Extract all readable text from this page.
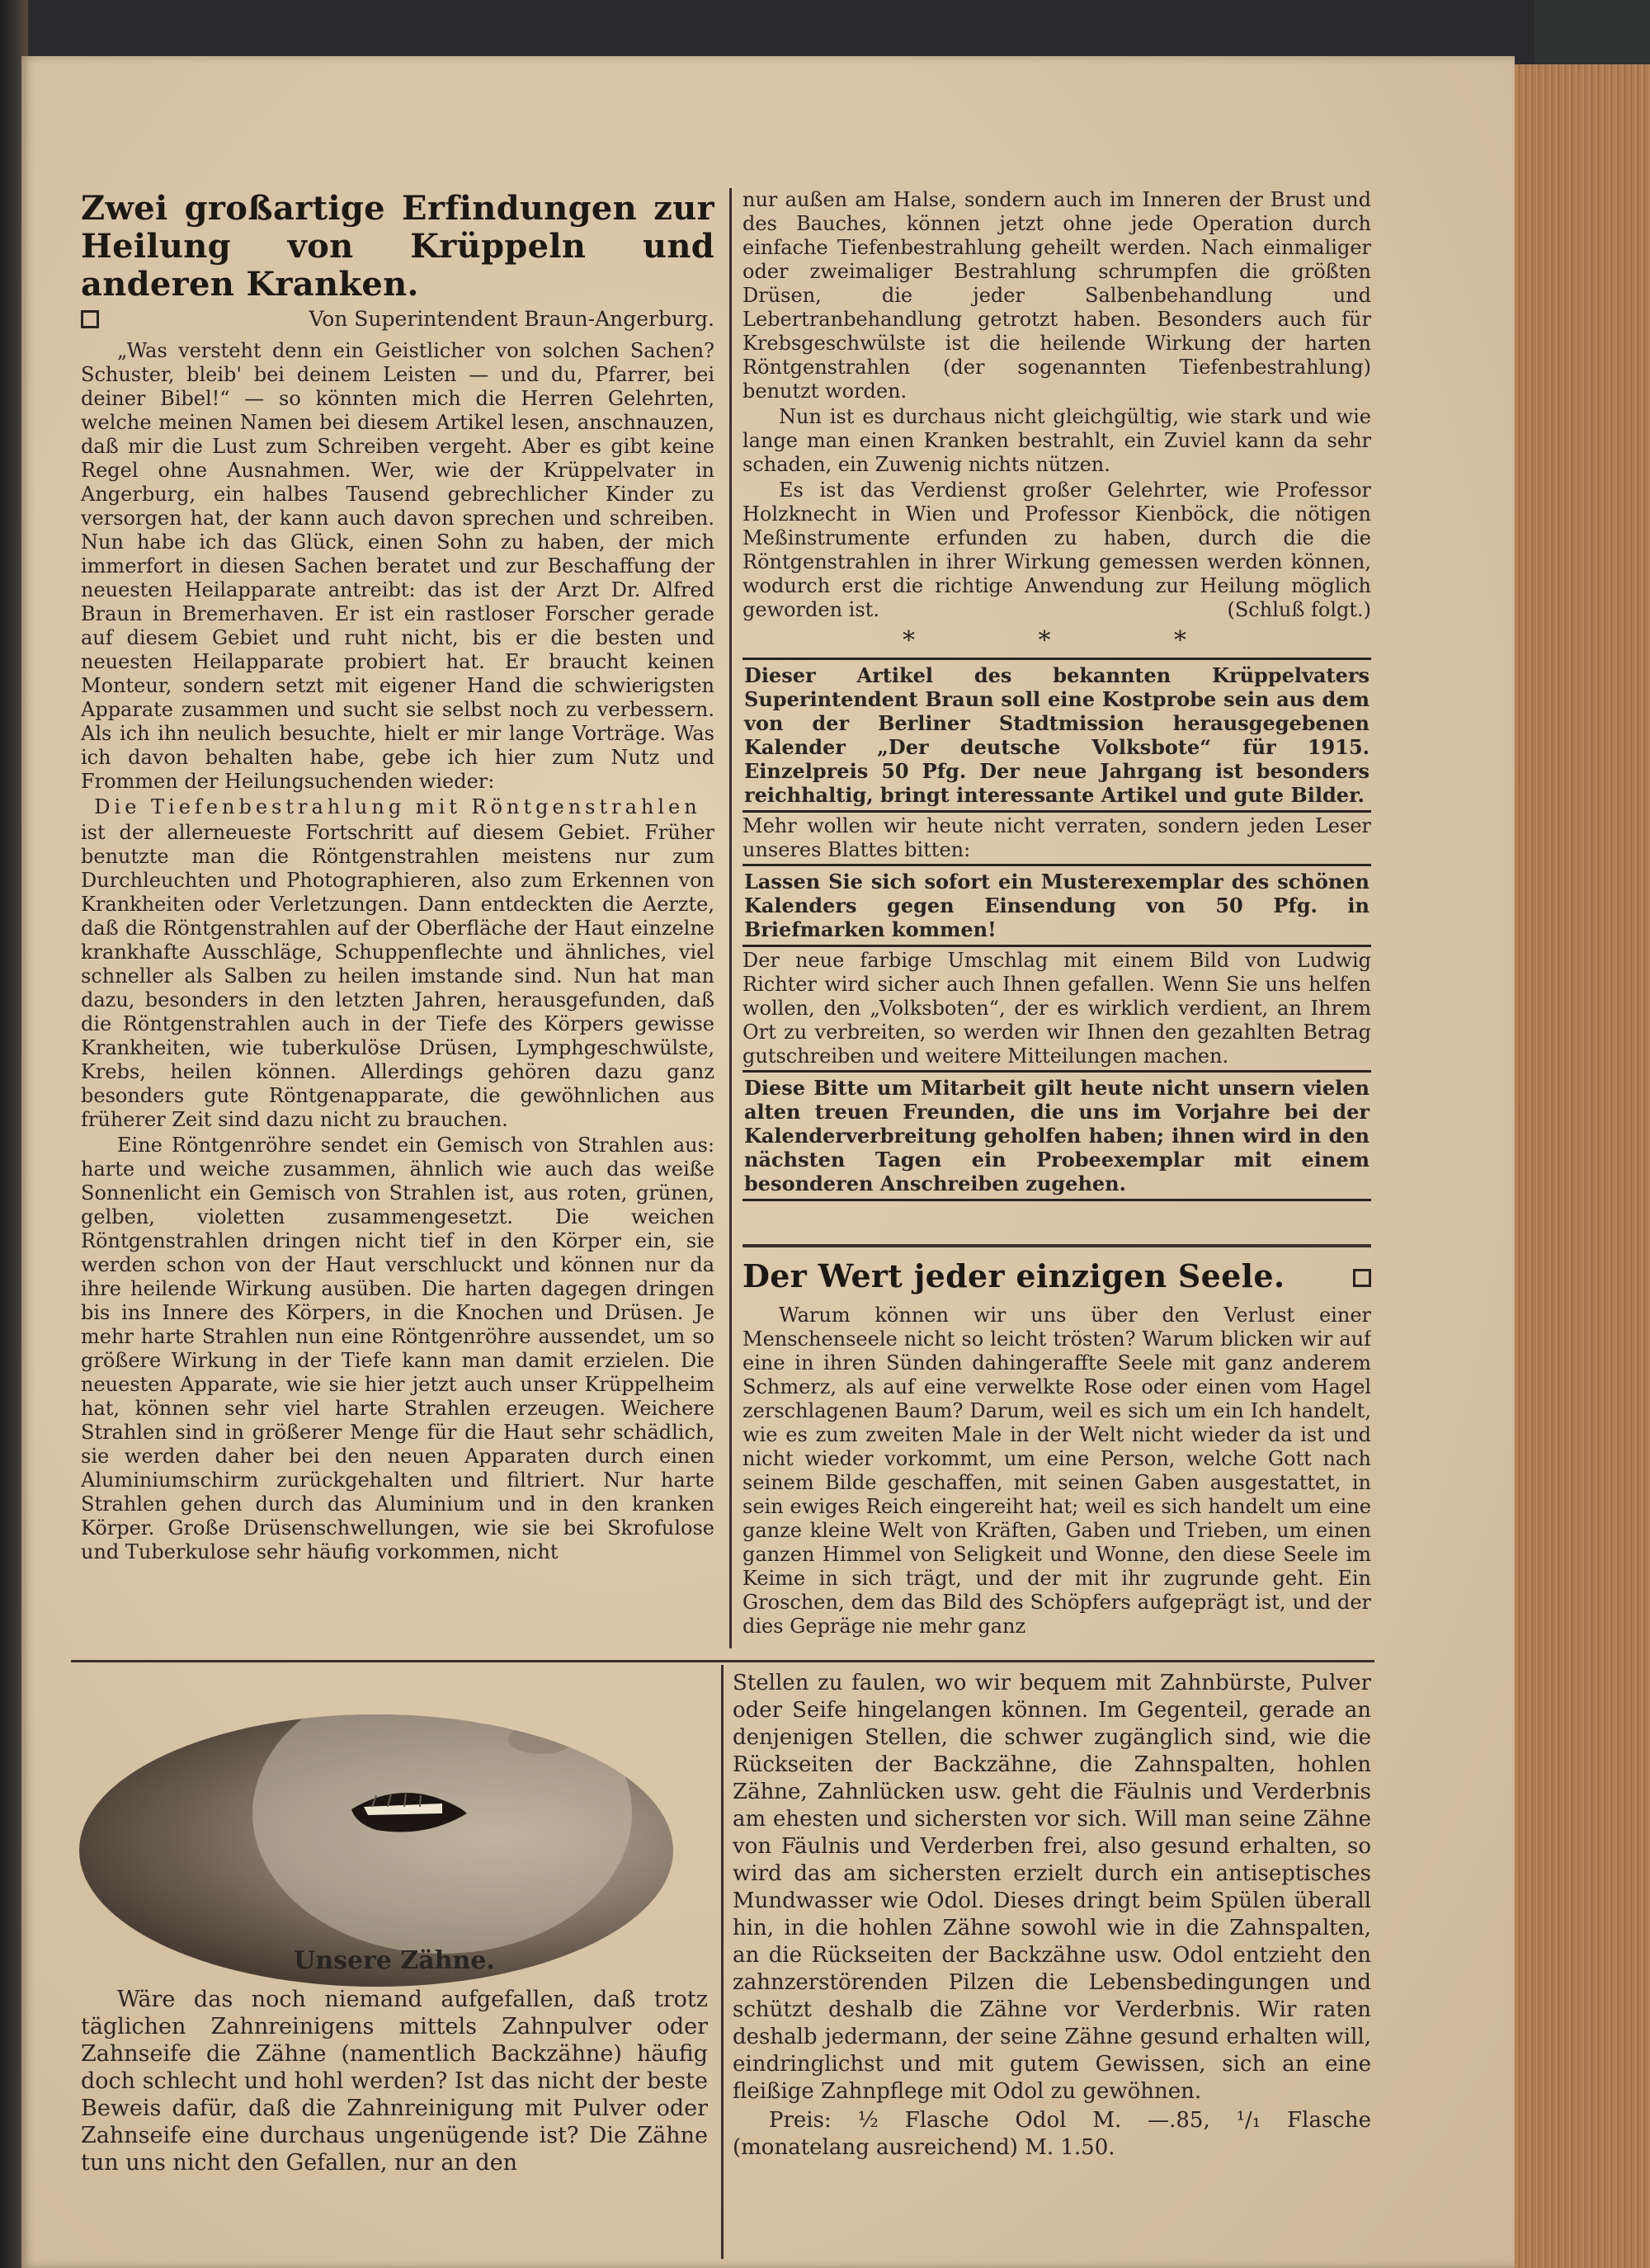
Zwei großartige Erfindungen zur Heilung von Krüppeln und anderen Kranken.
Von Superintendent Braun-Angerburg.

„Was versteht denn ein Geistlicher von solchen Sachen? Schuster, bleib' bei deinem Leisten — und du, Pfarrer, bei deiner Bibel!“ — so könnten mich die Herren Gelehrten, welche meinen Namen bei diesem Artikel lesen, anschnauzen, daß mir die Lust zum Schreiben vergeht. Aber es gibt keine Regel ohne Ausnahmen. Wer, wie der Krüppelvater in Angerburg, ein halbes Tausend gebrechlicher Kinder zu versorgen hat, der kann auch davon sprechen und schreiben. Nun habe ich das Glück, einen Sohn zu haben, der mich immerfort in diesen Sachen beratet und zur Beschaffung der neuesten Heilapparate antreibt: das ist der Arzt Dr. Alfred Braun in Bremerhaven. Er ist ein rastloser Forscher gerade auf diesem Gebiet und ruht nicht, bis er die besten und neuesten Heilapparate probiert hat. Er braucht keinen Monteur, sondern setzt mit eigener Hand die schwierigsten Apparate zusammen und sucht sie selbst noch zu verbessern. Als ich ihn neulich besuchte, hielt er mir lange Vorträge. Was ich davon behalten habe, gebe ich hier zum Nutz und Frommen der Heilungsuchenden wieder:

Die Tiefenbestrahlung mit Röntgenstrahlen

ist der allerneueste Fortschritt auf diesem Gebiet. Früher benutzte man die Röntgenstrahlen meistens nur zum Durchleuchten und Photographieren, also zum Erkennen von Krankheiten oder Verletzungen. Dann entdeckten die Aerzte, daß die Röntgenstrahlen auf der Oberfläche der Haut einzelne krankhafte Ausschläge, Schuppenflechte und ähnliches, viel schneller als Salben zu heilen imstande sind. Nun hat man dazu, besonders in den letzten Jahren, herausgefunden, daß die Röntgenstrahlen auch in der Tiefe des Körpers gewisse Krankheiten, wie tuberkulöse Drüsen, Lymphgeschwülste, Krebs, heilen können. Allerdings gehören dazu ganz besonders gute Röntgenapparate, die gewöhnlichen aus früherer Zeit sind dazu nicht zu brauchen.

Eine Röntgenröhre sendet ein Gemisch von Strahlen aus: harte und weiche zusammen, ähnlich wie auch das weiße Sonnenlicht ein Gemisch von Strahlen ist, aus roten, grünen, gelben, violetten zusammengesetzt. Die weichen Röntgenstrahlen dringen nicht tief in den Körper ein, sie werden schon von der Haut verschluckt und können nur da ihre heilende Wirkung ausüben. Die harten dagegen dringen bis ins Innere des Körpers, in die Knochen und Drüsen. Je mehr harte Strahlen nun eine Röntgenröhre aussendet, um so größere Wirkung in der Tiefe kann man damit erzielen. Die neuesten Apparate, wie sie hier jetzt auch unser Krüppelheim hat, können sehr viel harte Strahlen erzeugen. Weichere Strahlen sind in größerer Menge für die Haut sehr schädlich, sie werden daher bei den neuen Apparaten durch einen Aluminiumschirm zurückgehalten und filtriert. Nur harte Strahlen gehen durch das Aluminium und in den kranken Körper. Große Drüsenschwellungen, wie sie bei Skrofulose und Tuberkulose sehr häufig vorkommen, nicht

nur außen am Halse, sondern auch im Inneren der Brust und des Bauches, können jetzt ohne jede Operation durch einfache Tiefenbestrahlung geheilt werden. Nach einmaliger oder zweimaliger Bestrahlung schrumpfen die größten Drüsen, die jeder Salbenbehandlung und Lebertranbehandlung getrotzt haben. Besonders auch für Krebsgeschwülste ist die heilende Wirkung der harten Röntgenstrahlen (der sogenannten Tiefenbestrahlung) benutzt worden.

Nun ist es durchaus nicht gleichgültig, wie stark und wie lange man einen Kranken bestrahlt, ein Zuviel kann da sehr schaden, ein Zuwenig nichts nützen.

Es ist das Verdienst großer Gelehrter, wie Professor Holzknecht in Wien und Professor Kienböck, die nötigen Meßinstrumente erfunden zu haben, durch die die Röntgenstrahlen in ihrer Wirkung gemessen werden können, wodurch erst die richtige Anwendung zur Heilung möglich geworden ist.	(Schluß folgt.)

* * *
Dieser Artikel des bekannten Krüppelvaters Superintendent Braun soll eine Kostprobe sein aus dem von der Berliner Stadtmission herausgegebenen Kalender „Der deutsche Volksbote“ für 1915. Einzelpreis 50 Pfg. Der neue Jahrgang ist besonders reichhaltig, bringt interessante Artikel und gute Bilder.

Mehr wollen wir heute nicht verraten, sondern jeden Leser unseres Blattes bitten:

Lassen Sie sich sofort ein Musterexemplar des schönen Kalenders gegen Einsendung von 50 Pfg. in Briefmarken kommen!

Der neue farbige Umschlag mit einem Bild von Ludwig Richter wird sicher auch Ihnen gefallen. Wenn Sie uns helfen wollen, den „Volksboten“, der es wirklich verdient, an Ihrem Ort zu verbreiten, so werden wir Ihnen den gezahlten Betrag gutschreiben und weitere Mitteilungen machen.

Diese Bitte um Mitarbeit gilt heute nicht unsern vielen alten treuen Freunden, die uns im Vorjahre bei der Kalenderverbreitung geholfen haben; ihnen wird in den nächsten Tagen ein Probeexemplar mit einem besonderen Anschreiben zugehen.
Der Wert jeder einzigen Seele.

Warum können wir uns über den Verlust einer Menschenseele nicht so leicht trösten? Warum blicken wir auf eine in ihren Sünden dahingeraffte Seele mit ganz anderem Schmerz, als auf eine verwelkte Rose oder einen vom Hagel zerschlagenen Baum? Darum, weil es sich um ein Ich handelt, wie es zum zweiten Male in der Welt nicht wieder da ist und nicht wieder vorkommt, um eine Person, welche Gott nach seinem Bilde geschaffen, mit seinen Gaben ausgestattet, in sein ewiges Reich eingereiht hat; weil es sich handelt um eine ganze kleine Welt von Kräften, Gaben und Trieben, um einen ganzen Himmel von Seligkeit und Wonne, den diese Seele im Keime in sich trägt, und der mit ihr zugrunde geht. Ein Groschen, dem das Bild des Schöpfers aufgeprägt ist, und der dies Gepräge nie mehr ganz

Unsere Zähne.

Wäre das noch niemand aufgefallen, daß trotz täglichen Zahnreinigens mittels Zahnpulver oder Zahnseife die Zähne (namentlich Backzähne) häufig doch schlecht und hohl werden? Ist das nicht der beste Beweis dafür, daß die Zahnreinigung mit Pulver oder Zahnseife eine durchaus ungenügende ist? Die Zähne tun uns nicht den Gefallen, nur an den

Stellen zu faulen, wo wir bequem mit Zahnbürste, Pulver oder Seife hingelangen können. Im Gegenteil, gerade an denjenigen Stellen, die schwer zugänglich sind, wie die Rückseiten der Backzähne, die Zahnspalten, hohlen Zähne, Zahnlücken usw. geht die Fäulnis und Verderbnis am ehesten und sichersten vor sich. Will man seine Zähne von Fäulnis und Verderben frei, also gesund erhalten, so wird das am sichersten erzielt durch ein antiseptisches Mundwasser wie Odol. Dieses dringt beim Spülen überall hin, in die hohlen Zähne sowohl wie in die Zahnspalten, an die Rückseiten der Backzähne usw. Odol entzieht den zahnzerstörenden Pilzen die Lebensbedingungen und schützt deshalb die Zähne vor Verderbnis. Wir raten deshalb jedermann, der seine Zähne gesund erhalten will, eindringlichst und mit gutem Gewissen, sich an eine fleißige Zahnpflege mit Odol zu gewöhnen.

Preis: ½ Flasche Odol M. —.85, ¹/₁ Flasche (monatelang ausreichend) M. 1.50.
